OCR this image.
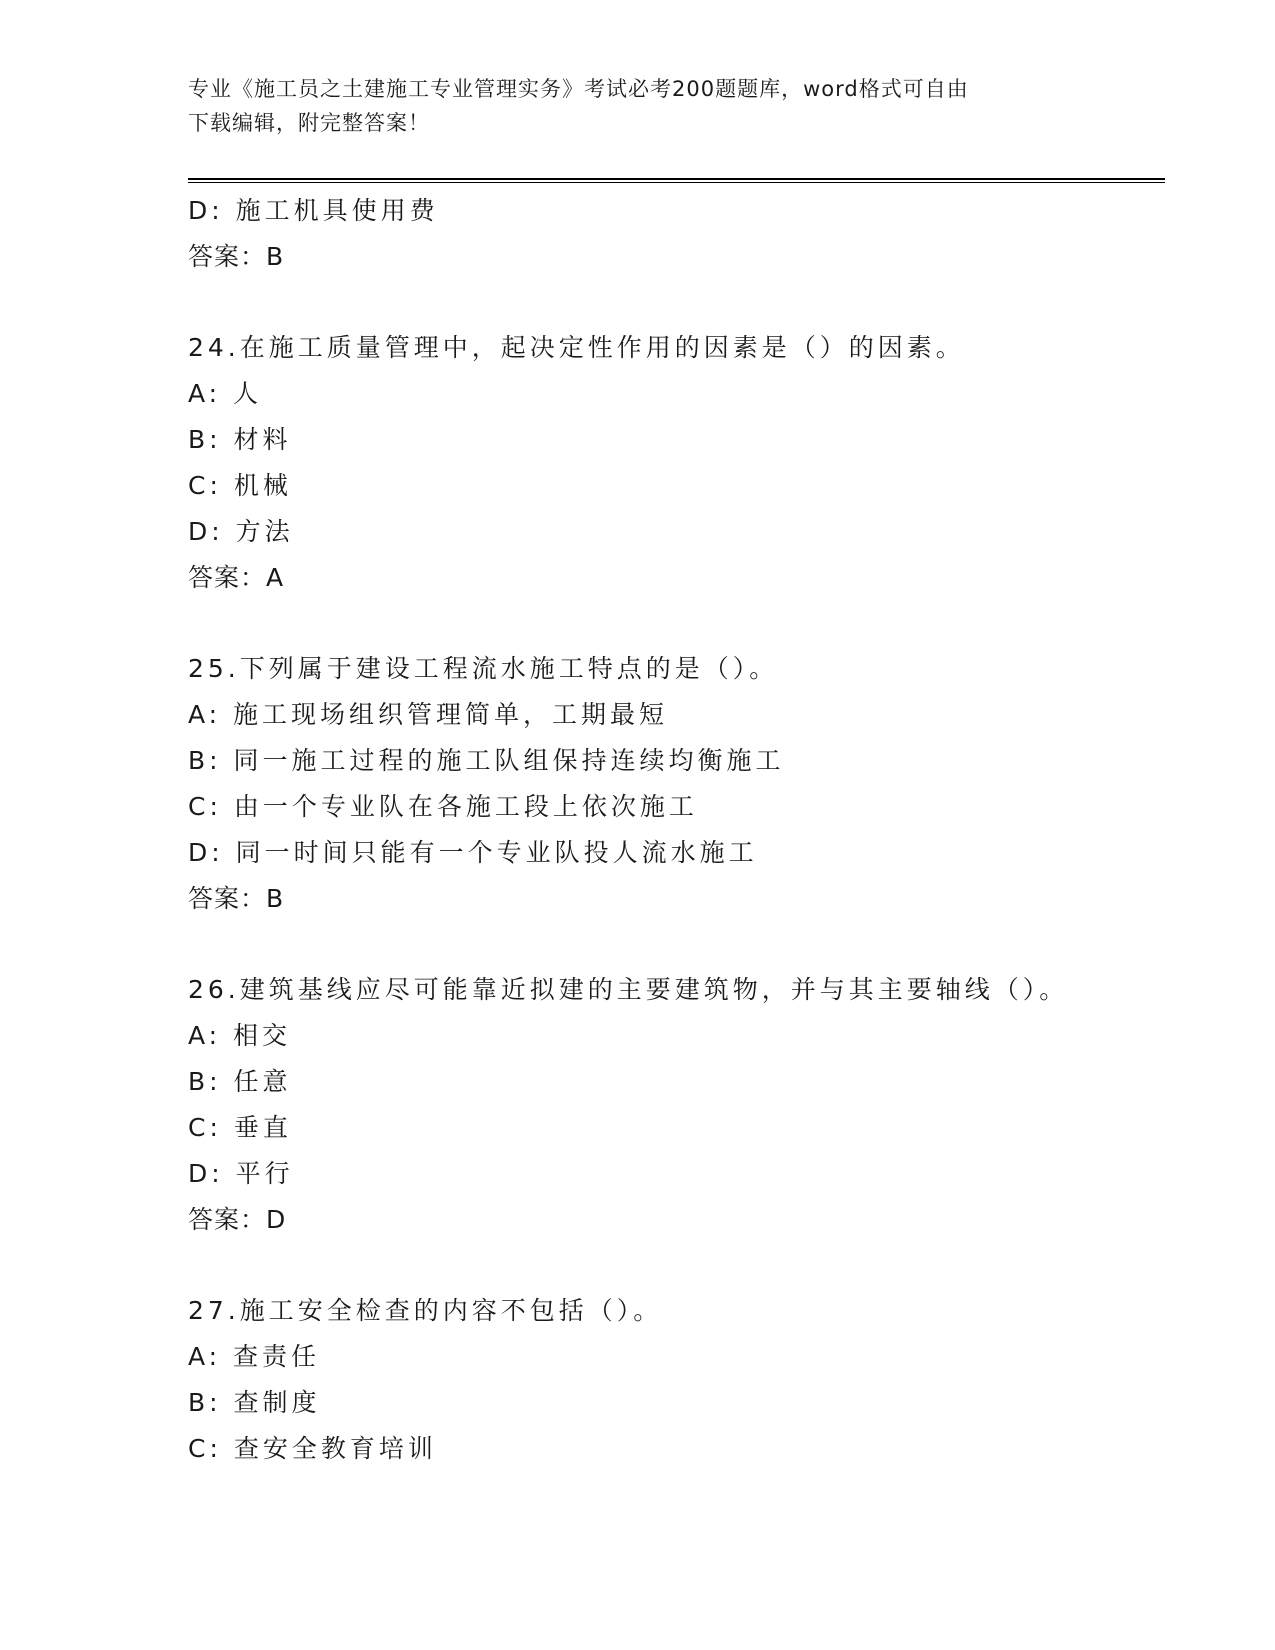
专业《施工员之土建施工专业管理实务》考试必考200题题库，word格式可自由
下载编辑，附完整答案！
D: 施工机具使用费
答案：B
24.在施工质量管理中，起决定性作用的因素是（）的因素。
A: 人
B: 材料
C: 机械
D: 方法
答案：A
25.下列属于建设工程流水施工特点的是（）。
A: 施工现场组织管理简单，工期最短
B: 同一施工过程的施工队组保持连续均衡施工
C: 由一个专业队在各施工段上依次施工
D: 同一时间只能有一个专业队投人流水施工
答案：B
26.建筑基线应尽可能靠近拟建的主要建筑物，并与其主要轴线（）。
A: 相交
B: 任意
C: 垂直
D: 平行
答案：D
27.施工安全检查的内容不包括（）。
A: 查责任
B: 查制度
C: 查安全教育培训
